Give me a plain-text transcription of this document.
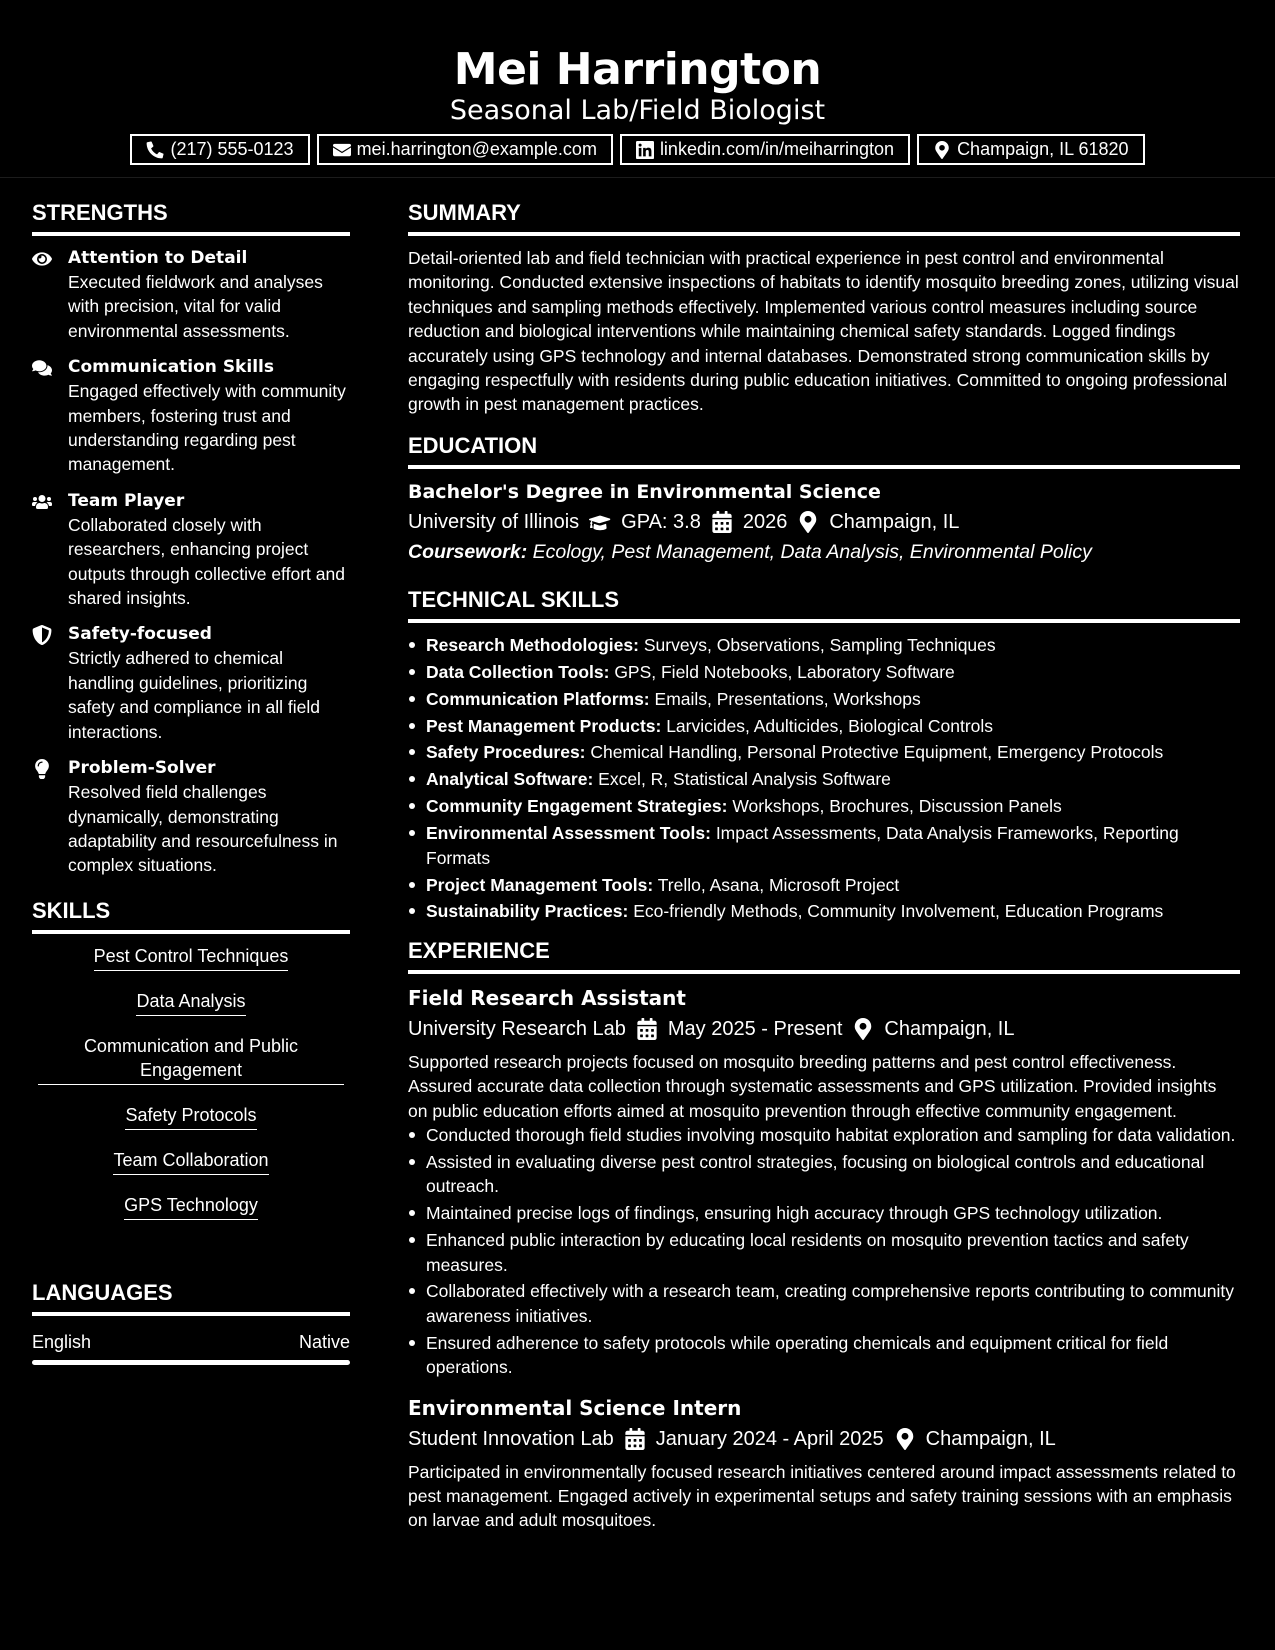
Mei Harrington
Seasonal Lab/Field Biologist
(217) 555-0123	mei.harrington@example.com	linkedin.com/in/meiharrington	Champaign, IL 61820
STRENGTHS
Attention to Detail

Executed fieldwork and analyses with precision, vital for valid environmental assessments.

Communication Skills

Engaged effectively with community members, fostering trust and understanding regarding pest management.

Team Player

Collaborated closely with researchers, enhancing project outputs through collective effort and shared insights.

Safety-focused

Strictly adhered to chemical handling guidelines, prioritizing safety and compliance in all field interactions.

Problem-Solver

Resolved field challenges dynamically, demonstrating adaptability and resourcefulness in complex situations.

SKILLS
Pest Control Techniques
Data Analysis
Communication and Public Engagement
Safety Protocols
Team Collaboration
GPS Technology
LANGUAGES
English	Native
SUMMARY

Detail-oriented lab and field technician with practical experience in pest control and environmental monitoring. Conducted extensive inspections of habitats to identify mosquito breeding zones, utilizing visual techniques and sampling methods effectively. Implemented various control measures including source reduction and biological interventions while maintaining chemical safety standards. Logged findings accurately using GPS technology and internal databases. Demonstrated strong communication skills by engaging respectfully with residents during public education initiatives. Committed to ongoing professional growth in pest management practices.

EDUCATION
Bachelor's Degree in Environmental Science
University of Illinois GPA: 3.8 2026 Champaign, IL
Coursework: Ecology, Pest Management, Data Analysis, Environmental Policy
TECHNICAL SKILLS
Research Methodologies: Surveys, Observations, Sampling Techniques
Data Collection Tools: GPS, Field Notebooks, Laboratory Software
Communication Platforms: Emails, Presentations, Workshops
Pest Management Products: Larvicides, Adulticides, Biological Controls
Safety Procedures: Chemical Handling, Personal Protective Equipment, Emergency Protocols
Analytical Software: Excel, R, Statistical Analysis Software
Community Engagement Strategies: Workshops, Brochures, Discussion Panels
Environmental Assessment Tools: Impact Assessments, Data Analysis Frameworks, Reporting Formats
Project Management Tools: Trello, Asana, Microsoft Project
Sustainability Practices: Eco-friendly Methods, Community Involvement, Education Programs
EXPERIENCE
Field Research Assistant
University Research Lab May 2025 - Present Champaign, IL

Supported research projects focused on mosquito breeding patterns and pest control effectiveness. Assured accurate data collection through systematic assessments and GPS utilization. Provided insights on public education efforts aimed at mosquito prevention through effective community engagement.

Conducted thorough field studies involving mosquito habitat exploration and sampling for data validation.
Assisted in evaluating diverse pest control strategies, focusing on biological controls and educational outreach.
Maintained precise logs of findings, ensuring high accuracy through GPS technology utilization.
Enhanced public interaction by educating local residents on mosquito prevention tactics and safety measures.
Collaborated effectively with a research team, creating comprehensive reports contributing to community awareness initiatives.
Ensured adherence to safety protocols while operating chemicals and equipment critical for field operations.
Environmental Science Intern
Student Innovation Lab January 2024 - April 2025 Champaign, IL

Participated in environmentally focused research initiatives centered around impact assessments related to pest management. Engaged actively in experimental setups and safety training sessions with an emphasis on larvae and adult mosquitoes.
